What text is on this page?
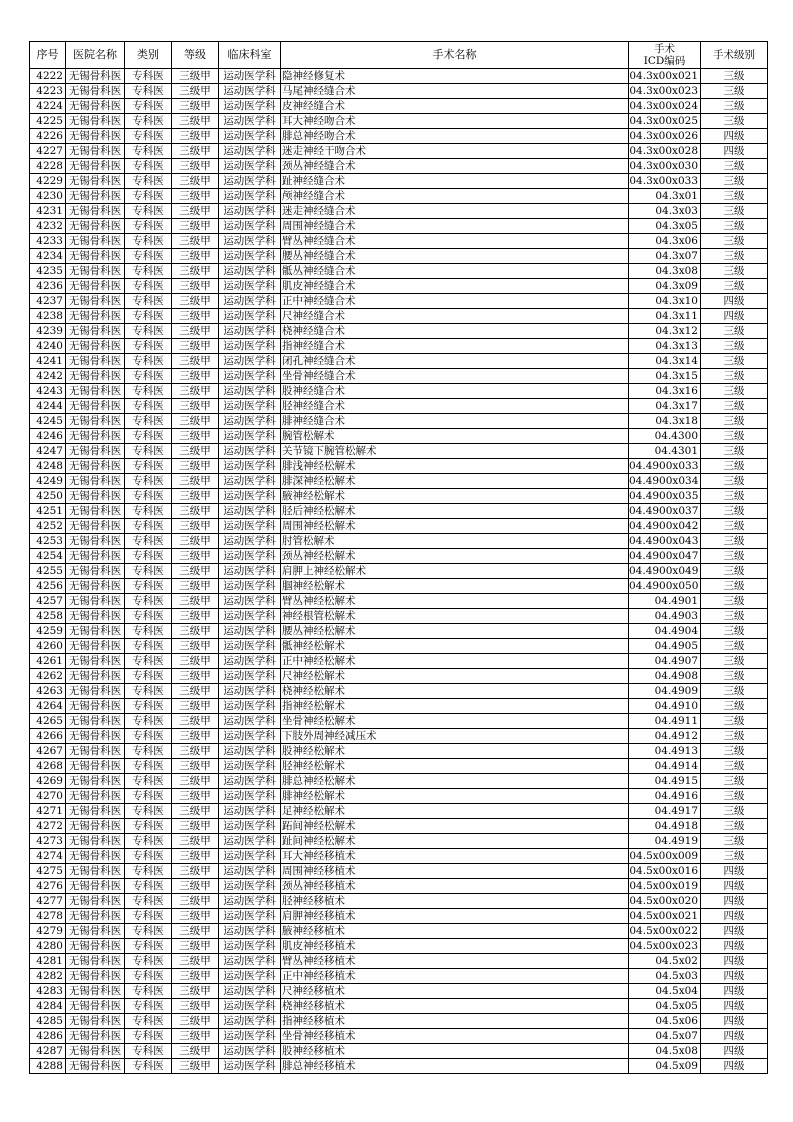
序号	医院名称	类别	等级	临床科室	手术名称	手术
ICD编码	手术级别
4222	无锡骨科医	专科医	三级甲	运动医学科	隐神经修复术	04.3x00x021	三级
4223	无锡骨科医	专科医	三级甲	运动医学科	马尾神经缝合术	04.3x00x023	三级
4224	无锡骨科医	专科医	三级甲	运动医学科	皮神经缝合术	04.3x00x024	三级
4225	无锡骨科医	专科医	三级甲	运动医学科	耳大神经吻合术	04.3x00x025	三级
4226	无锡骨科医	专科医	三级甲	运动医学科	腓总神经吻合术	04.3x00x026	四级
4227	无锡骨科医	专科医	三级甲	运动医学科	迷走神经干吻合术	04.3x00x028	四级
4228	无锡骨科医	专科医	三级甲	运动医学科	颈丛神经缝合术	04.3x00x030	三级
4229	无锡骨科医	专科医	三级甲	运动医学科	趾神经缝合术	04.3x00x033	三级
4230	无锡骨科医	专科医	三级甲	运动医学科	颅神经缝合术	04.3x01	三级
4231	无锡骨科医	专科医	三级甲	运动医学科	迷走神经缝合术	04.3x03	三级
4232	无锡骨科医	专科医	三级甲	运动医学科	周围神经缝合术	04.3x05	三级
4233	无锡骨科医	专科医	三级甲	运动医学科	臂丛神经缝合术	04.3x06	三级
4234	无锡骨科医	专科医	三级甲	运动医学科	腰丛神经缝合术	04.3x07	三级
4235	无锡骨科医	专科医	三级甲	运动医学科	骶丛神经缝合术	04.3x08	三级
4236	无锡骨科医	专科医	三级甲	运动医学科	肌皮神经缝合术	04.3x09	三级
4237	无锡骨科医	专科医	三级甲	运动医学科	正中神经缝合术	04.3x10	四级
4238	无锡骨科医	专科医	三级甲	运动医学科	尺神经缝合术	04.3x11	四级
4239	无锡骨科医	专科医	三级甲	运动医学科	桡神经缝合术	04.3x12	三级
4240	无锡骨科医	专科医	三级甲	运动医学科	指神经缝合术	04.3x13	三级
4241	无锡骨科医	专科医	三级甲	运动医学科	闭孔神经缝合术	04.3x14	三级
4242	无锡骨科医	专科医	三级甲	运动医学科	坐骨神经缝合术	04.3x15	三级
4243	无锡骨科医	专科医	三级甲	运动医学科	股神经缝合术	04.3x16	三级
4244	无锡骨科医	专科医	三级甲	运动医学科	胫神经缝合术	04.3x17	三级
4245	无锡骨科医	专科医	三级甲	运动医学科	腓神经缝合术	04.3x18	三级
4246	无锡骨科医	专科医	三级甲	运动医学科	腕管松解术	04.4300	三级
4247	无锡骨科医	专科医	三级甲	运动医学科	关节镜下腕管松解术	04.4301	三级
4248	无锡骨科医	专科医	三级甲	运动医学科	腓浅神经松解术	04.4900x033	三级
4249	无锡骨科医	专科医	三级甲	运动医学科	腓深神经松解术	04.4900x034	三级
4250	无锡骨科医	专科医	三级甲	运动医学科	腋神经松解术	04.4900x035	三级
4251	无锡骨科医	专科医	三级甲	运动医学科	胫后神经松解术	04.4900x037	三级
4252	无锡骨科医	专科医	三级甲	运动医学科	周围神经松解术	04.4900x042	三级
4253	无锡骨科医	专科医	三级甲	运动医学科	肘管松解术	04.4900x043	三级
4254	无锡骨科医	专科医	三级甲	运动医学科	颈丛神经松解术	04.4900x047	三级
4255	无锡骨科医	专科医	三级甲	运动医学科	肩胛上神经松解术	04.4900x049	三级
4256	无锡骨科医	专科医	三级甲	运动医学科	腘神经松解术	04.4900x050	三级
4257	无锡骨科医	专科医	三级甲	运动医学科	臂丛神经松解术	04.4901	三级
4258	无锡骨科医	专科医	三级甲	运动医学科	神经根管松解术	04.4903	三级
4259	无锡骨科医	专科医	三级甲	运动医学科	腰丛神经松解术	04.4904	三级
4260	无锡骨科医	专科医	三级甲	运动医学科	骶神经松解术	04.4905	三级
4261	无锡骨科医	专科医	三级甲	运动医学科	正中神经松解术	04.4907	三级
4262	无锡骨科医	专科医	三级甲	运动医学科	尺神经松解术	04.4908	三级
4263	无锡骨科医	专科医	三级甲	运动医学科	桡神经松解术	04.4909	三级
4264	无锡骨科医	专科医	三级甲	运动医学科	指神经松解术	04.4910	三级
4265	无锡骨科医	专科医	三级甲	运动医学科	坐骨神经松解术	04.4911	三级
4266	无锡骨科医	专科医	三级甲	运动医学科	下肢外周神经减压术	04.4912	三级
4267	无锡骨科医	专科医	三级甲	运动医学科	股神经松解术	04.4913	三级
4268	无锡骨科医	专科医	三级甲	运动医学科	胫神经松解术	04.4914	三级
4269	无锡骨科医	专科医	三级甲	运动医学科	腓总神经松解术	04.4915	三级
4270	无锡骨科医	专科医	三级甲	运动医学科	腓神经松解术	04.4916	三级
4271	无锡骨科医	专科医	三级甲	运动医学科	足神经松解术	04.4917	三级
4272	无锡骨科医	专科医	三级甲	运动医学科	跖间神经松解术	04.4918	三级
4273	无锡骨科医	专科医	三级甲	运动医学科	趾间神经松解术	04.4919	三级
4274	无锡骨科医	专科医	三级甲	运动医学科	耳大神经移植术	04.5x00x009	三级
4275	无锡骨科医	专科医	三级甲	运动医学科	周围神经移植术	04.5x00x016	四级
4276	无锡骨科医	专科医	三级甲	运动医学科	颈丛神经移植术	04.5x00x019	四级
4277	无锡骨科医	专科医	三级甲	运动医学科	胫神经移植术	04.5x00x020	四级
4278	无锡骨科医	专科医	三级甲	运动医学科	肩胛神经移植术	04.5x00x021	四级
4279	无锡骨科医	专科医	三级甲	运动医学科	腋神经移植术	04.5x00x022	四级
4280	无锡骨科医	专科医	三级甲	运动医学科	肌皮神经移植术	04.5x00x023	四级
4281	无锡骨科医	专科医	三级甲	运动医学科	臂丛神经移植术	04.5x02	四级
4282	无锡骨科医	专科医	三级甲	运动医学科	正中神经移植术	04.5x03	四级
4283	无锡骨科医	专科医	三级甲	运动医学科	尺神经移植术	04.5x04	四级
4284	无锡骨科医	专科医	三级甲	运动医学科	桡神经移植术	04.5x05	四级
4285	无锡骨科医	专科医	三级甲	运动医学科	指神经移植术	04.5x06	四级
4286	无锡骨科医	专科医	三级甲	运动医学科	坐骨神经移植术	04.5x07	四级
4287	无锡骨科医	专科医	三级甲	运动医学科	股神经移植术	04.5x08	四级
4288	无锡骨科医	专科医	三级甲	运动医学科	腓总神经移植术	04.5x09	四级
